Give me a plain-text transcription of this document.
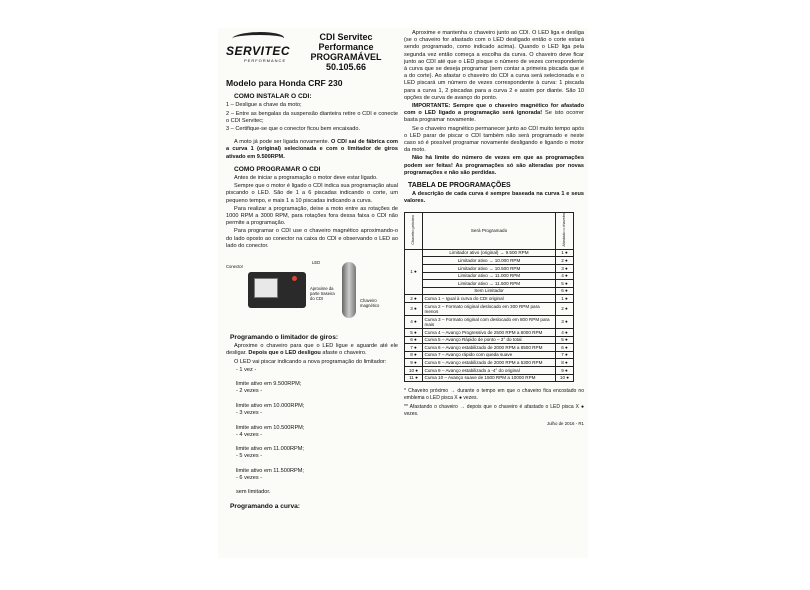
SERVITEC
PERFORMANCE
CDI Servitec
Performance
PROGRAMÁVEL
50.105.66
Modelo para Honda CRF 230
COMO INSTALAR O CDI:
1 – Desligue a chave da moto;
2 – Entre as bengalas da suspensão dianteira retire o CDI e conecte o CDI Servitec;
3 – Certifique-se que o conector ficou bem encaixado.
A moto já pode ser ligada novamente. O CDI sai de fábrica com a curva 1 (original) selecionada e com o limitador de giros ativado em 9.500RPM.
COMO PROGRAMAR O CDI
Antes de iniciar a programação o motor deve estar ligado.
Sempre que o motor é ligado o CDI indica sua programação atual piscando o LED. São de 1 a 6 piscadas indicando o corte, um pequeno tempo, e mais 1 a 10 piscadas indicando a curva.
Para realizar a programação, deixe a moto entre as rotações de 1000 RPM a 3000 RPM, para rotações fora dessa faixa o CDI não permite a programação.
Para programar o CDI use o chaveiro magnético aproximando-o do lado oposto ao conector na caixa do CDI e observando o LED ao lado do conector.
Conector
LED
Aproxime da parte traseira do CDI	Chaveiro magnético
Programando o limitador de giros:
Aproxime o chaveiro para que o LED ligue e aguarde até ele desligar. Depois que o LED desligou afaste o chaveiro.
O LED vai piscar indicando a nova programação do limitador:
- 1 vez -

limite ativo em 9.500RPM;
- 2 vezes -

limite ativo em 10.000RPM;
- 3 vezes -

limite ativo em 10.500RPM;
- 4 vezes -

limite ativo em 11.000RPM;
- 5 vezes -

limite ativo em 11.500RPM;
- 6 vezes -

sem limitador.
Programando a curva:
Aproxime e mantenha o chaveiro junto ao CDI. O LED liga e desliga (se o chaveiro for afastado com o LED desligado então o corte estará sendo programado, como indicado acima). Quando o LED liga pela segunda vez então começa a escolha da curva. O chaveiro deve ficar junto ao CDI até que o LED pisque o número de vezes correspondente à curva que se deseja programar (sem contar a primeira piscada que é a do corte). Ao afastar o chaveiro do CDI a curva será selecionada e o LED piscará um número de vezes correspondente à curva: 1 piscada para a curva 1, 2 piscadas para a curva 2 e assim por diante. São 10 opções de curva de avanço do ponto.
IMPORTANTE: Sempre que o chaveiro magnético for afastado com o LED ligado a programação será ignorada! Se isto ocorrer basta programar novamente.
Se o chaveiro magnético permanecer junto ao CDI muito tempo após o LED parar de piscar o CDI também não será programado e neste caso só é possível programar novamente desligando e ligando o motor da moto.
Não há limite do número de vezes em que as programações podem ser feitas! As programações só são alteradas por novas programações e não são perdidas.
TABELA DE PROGRAMAÇÕES
A descrição de cada curva é sempre baseada na curva 1 e seus valores.
Chaveiro próximo	Será Programado	Afastado o chaveiro
1 ●	Limitador ativo (original) → 9.500 RPM	1 ●
	Limitador ativo → 10.000 RPM	2 ●
	Limitador ativo → 10.500 RPM	3 ●
	Limitador ativo → 11.000 RPM	4 ●
	Limitador ativo → 11.500 RPM	5 ●
	Sem Limitador	6 ●
2 ●	Curva 1 – Igual à curva do CDI original	1 ●
3 ●	Curva 2 – Formato original deslocado em 300 RPM para menos	2 ●
4 ●	Curva 3 – Formato original com deslocado em 800 RPM para mais	3 ●
5 ●	Curva 4 – Avanço Progressivo de 2500 RPM a 8000 RPM	4 ●
6 ●	Curva 5 – Avanço Rápido de ponto – 3° do total	5 ●
7 ●	Curva 6 – Avanço estabilizado de 2000 RPM a 6500 RPM	6 ●
8 ●	Curva 7 – Avanço rápido com queda suave	7 ●
9 ●	Curva 8 – Avanço estabilizado de 2000 RPM a 5300 RPM	8 ●
10 ●	Curva 9 – Avanço estabilizado a -4° do original	9 ●
11 ●	Curva 10 – Avanço suave de 1500 RPM a 10000 RPM	10 ●
* Chaveiro próximo → durante o tempo em que o chaveiro fica encostado no emblema o LED pisca X ● vezes.
** Afastando o chaveiro → depois que o chaveiro é afastado o LED pisca X ● vezes.
Julho de 2016 - R1
